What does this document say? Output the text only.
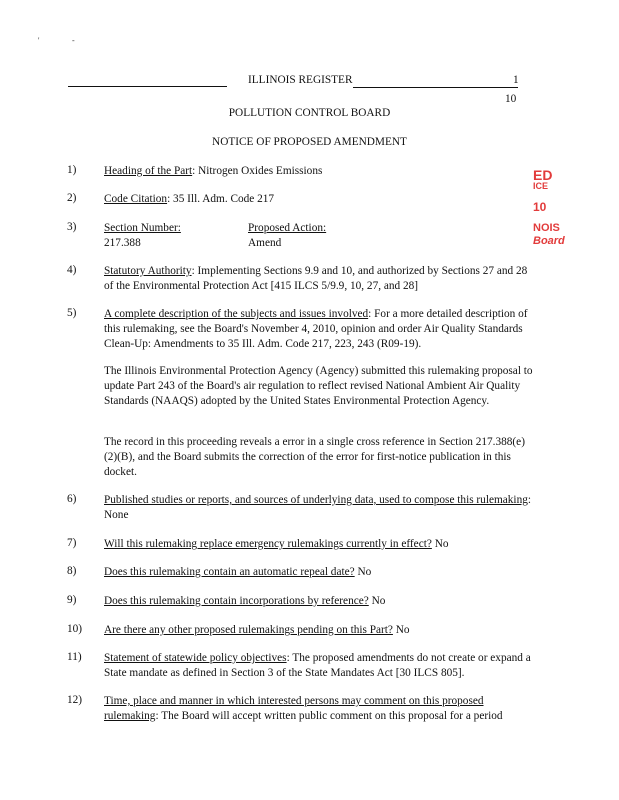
'	-
ILLINOIS REGISTER	1
10
POLLUTION CONTROL BOARD
NOTICE OF PROPOSED AMENDMENT
ED
ICE
10
NOIS
Board
1) Heading of the Part: Nitrogen Oxides Emissions
2) Code Citation: 35 Ill. Adm. Code 217
3) Section Number:
217.388
Proposed Action:
Amend
4) Statutory Authority: Implementing Sections 9.9 and 10, and authorized by Sections 27 and 28 of the Environmental Protection Act [415 ILCS 5/9.9, 10, 27, and 28]
5) A complete description of the subjects and issues involved: For a more detailed description of this rulemaking, see the Board's November 4, 2010, opinion and order Air Quality Standards Clean-Up: Amendments to 35 Ill. Adm. Code 217, 223, 243 (R09-19).
The Illinois Environmental Protection Agency (Agency) submitted this rulemaking proposal to update Part 243 of the Board's air regulation to reflect revised National Ambient Air Quality Standards (NAAQS) adopted by the United States Environmental Protection Agency.
The record in this proceeding reveals a error in a single cross reference in Section 217.388(e)(2)(B), and the Board submits the correction of the error for first-notice publication in this docket.
6) Published studies or reports, and sources of underlying data, used to compose this rulemaking: None
7) Will this rulemaking replace emergency rulemakings currently in effect? No
8) Does this rulemaking contain an automatic repeal date? No
9) Does this rulemaking contain incorporations by reference? No
10) Are there any other proposed rulemakings pending on this Part? No
11) Statement of statewide policy objectives: The proposed amendments do not create or expand a State mandate as defined in Section 3 of the State Mandates Act [30 ILCS 805].
12) Time, place and manner in which interested persons may comment on this proposed rulemaking: The Board will accept written public comment on this proposal for a period
